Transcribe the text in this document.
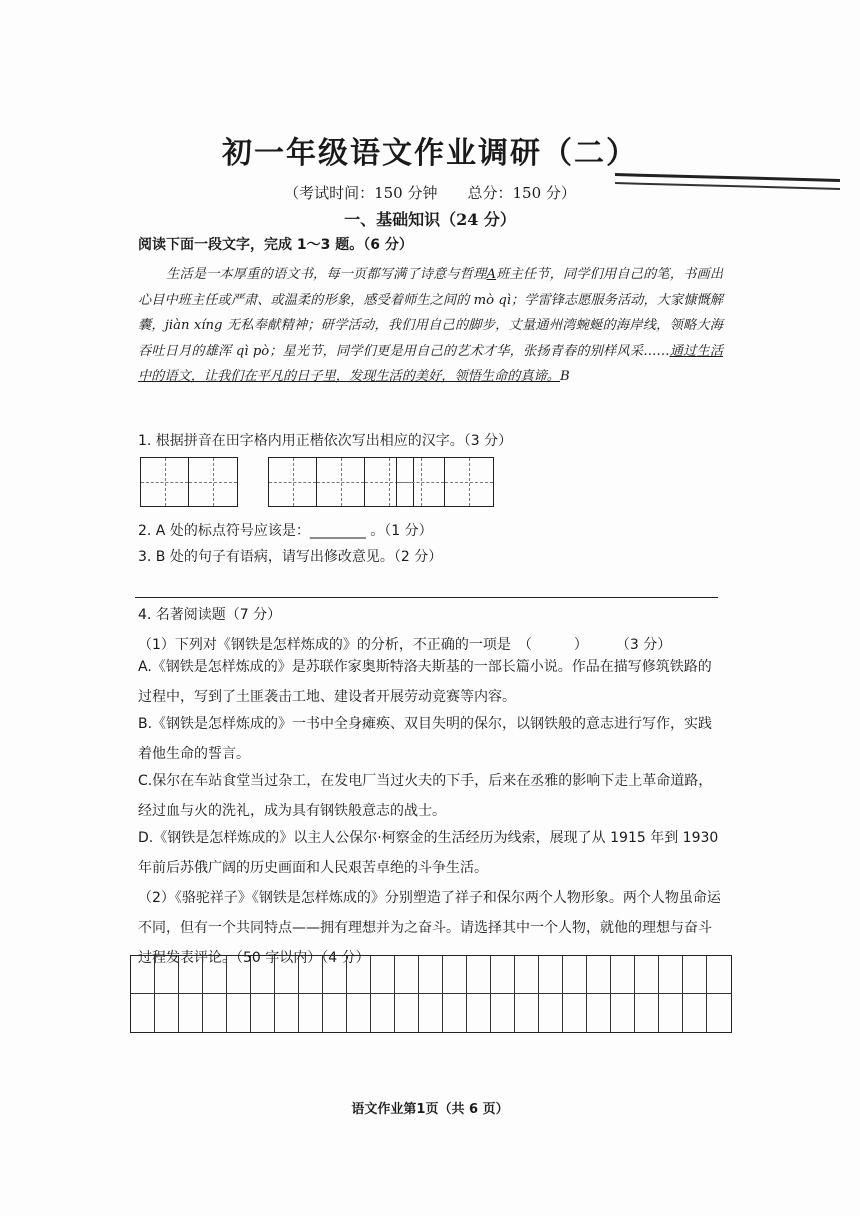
初一年级语文作业调研（二）
（考试时间：150 分钟　　总分：150 分）
一、基础知识（24 分）
阅读下面一段文字，完成 1～3 题。（6 分）
生活是一本厚重的语文书，每一页都写满了诗意与哲理A班主任节，同学们用自己的笔，书画出心目中班主任或严肃、或温柔的形象，感受着师生之间的 mò qì；学雷锋志愿服务活动，大家慷慨解囊，jiàn xíng 无私奉献精神；研学活动，我们用自己的脚步，丈量通州湾蜿蜒的海岸线，领略大海吞吐日月的雄浑 qì pò；星光节，同学们更是用自己的艺术才华，张扬青春的别样风采……通过生活中的语文，让我们在平凡的日子里，发现生活的美好，领悟生命的真谛。B
1. 根据拼音在田字格内用正楷依次写出相应的汉字。（3 分）
2. A 处的标点符号应该是：________ 。（1 分）
3. B 处的句子有语病，请写出修改意见。（2 分）
4. 名著阅读题（7 分）
（1）下列对《钢铁是怎样炼成的》的分析，不正确的一项是　（　　　）　　　（3 分）
A.《钢铁是怎样炼成的》是苏联作家奥斯特洛夫斯基的一部长篇小说。作品在描写修筑铁路的过程中，写到了土匪袭击工地、建设者开展劳动竞赛等内容。
B.《钢铁是怎样炼成的》一书中全身瘫痪、双目失明的保尔，以钢铁般的意志进行写作，实践着他生命的誓言。
C.保尔在车站食堂当过杂工，在发电厂当过火夫的下手，后来在丞雅的影响下走上革命道路，经过血与火的洗礼，成为具有钢铁般意志的战士。
D.《钢铁是怎样炼成的》以主人公保尔·柯察金的生活经历为线索，展现了从 1915 年到 1930 年前后苏俄广阔的历史画面和人民艰苦卓绝的斗争生活。
（2）《骆驼祥子》《钢铁是怎样炼成的》分别塑造了祥子和保尔两个人物形象。两个人物虽命运不同，但有一个共同特点——拥有理想并为之奋斗。请选择其中一个人物，就他的理想与奋斗过程发表评论。（50 字以内）（4 分）
语文作业第1页（共 6 页）
